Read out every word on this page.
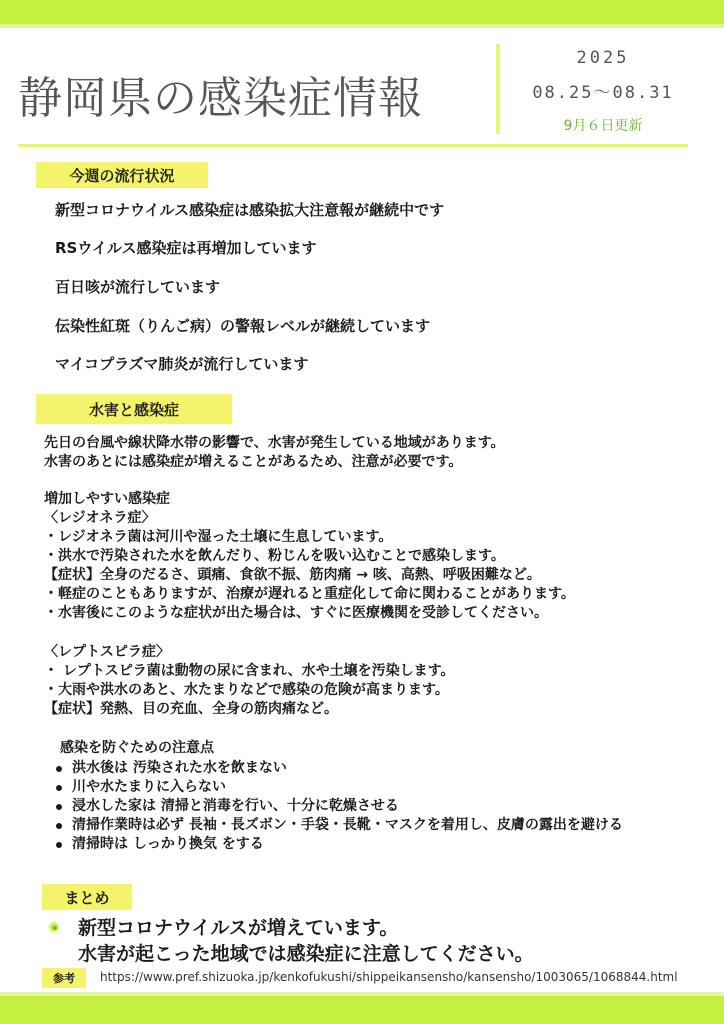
静岡県の感染症情報
2025
08.25～08.31
9月６日更新
今週の流行状況
新型コロナウイルス感染症は感染拡大注意報が継続中です
RSウイルス感染症は再増加しています
百日咳が流行しています
伝染性紅斑（りんご病）の警報レベルが継続しています
マイコプラズマ肺炎が流行しています
水害と感染症
先日の台風や線状降水帯の影響で、水害が発生している地域があります。
水害のあとには感染症が増えることがあるため、注意が必要です。
増加しやすい感染症
〈レジオネラ症〉
・レジオネラ菌は河川や湿った土壌に生息しています。
・洪水で汚染された水を飲んだり、粉じんを吸い込むことで感染します。
【症状】全身のだるさ、頭痛、食欲不振、筋肉痛 → 咳、高熱、呼吸困難など。
・軽症のこともありますが、治療が遅れると重症化して命に関わることがあります。
・水害後にこのような症状が出た場合は、すぐに医療機関を受診してください。
〈レプトスピラ症〉
・ レプトスピラ菌は動物の尿に含まれ、水や土壌を汚染します。
・大雨や洪水のあと、水たまりなどで感染の危険が高まります。
【症状】発熱、目の充血、全身の筋肉痛など。
感染を防ぐための注意点
洪水後は 汚染された水を飲まない
川や水たまりに入らない
浸水した家は 清掃と消毒を行い、十分に乾燥させる
清掃作業時は必ず 長袖・長ズボン・手袋・長靴・マスクを着用し、皮膚の露出を避ける
清掃時は しっかり換気 をする
まとめ
新型コロナウイルスが増えています。
水害が起こった地域では感染症に注意してください。
参考	https://www.pref.shizuoka.jp/kenkofukushi/shippeikansensho/kansensho/1003065/1068844.html
